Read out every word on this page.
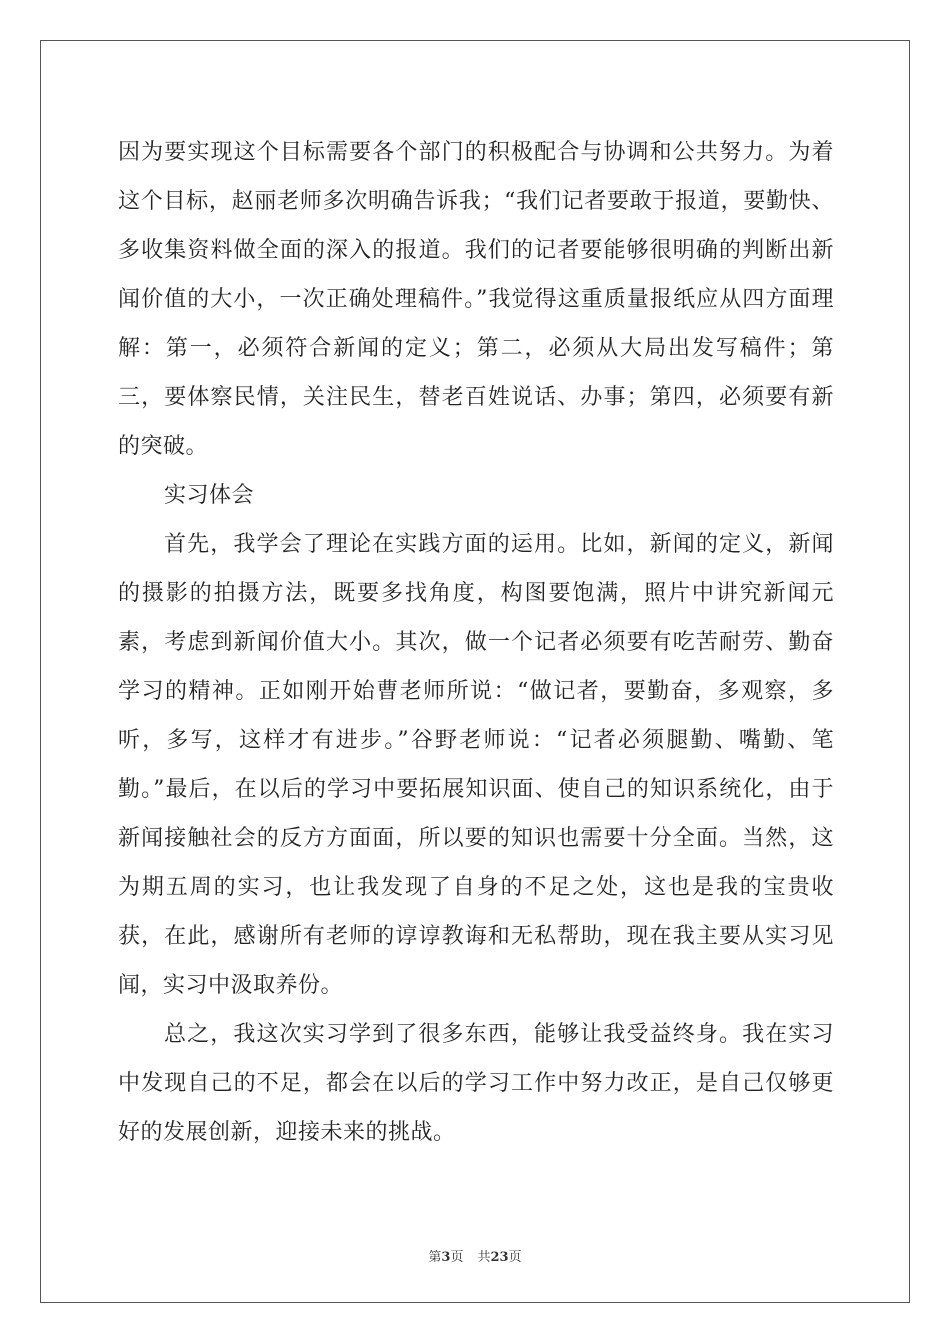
因为要实现这个目标需要各个部门的积极配合与协调和公共努力。为着这个目标，赵丽老师多次明确告诉我；“我们记者要敢于报道，要勤快、多收集资料做全面的深入的报道。我们的记者要能够很明确的判断出新闻价值的大小，一次正确处理稿件。”我觉得这重质量报纸应从四方面理解：第一，必须符合新闻的定义；第二，必须从大局出发写稿件；第三，要体察民情，关注民生，替老百姓说话、办事；第四，必须要有新的突破。

实习体会

首先，我学会了理论在实践方面的运用。比如，新闻的定义，新闻的摄影的拍摄方法，既要多找角度，构图要饱满，照片中讲究新闻元素，考虑到新闻价值大小。其次，做一个记者必须要有吃苦耐劳、勤奋学习的精神。正如刚开始曹老师所说：“做记者，要勤奋，多观察，多听，多写，这样才有进步。”谷野老师说：“记者必须腿勤、嘴勤、笔勤。”最后，在以后的学习中要拓展知识面、使自己的知识系统化，由于新闻接触社会的反方方面面，所以要的知识也需要十分全面。当然，这为期五周的实习，也让我发现了自身的不足之处，这也是我的宝贵收获，在此，感谢所有老师的谆谆教诲和无私帮助，现在我主要从实习见闻，实习中汲取养份。

总之，我这次实习学到了很多东西，能够让我受益终身。我在实习中发现自己的不足，都会在以后的学习工作中努力改正，是自己仅够更好的发展创新，迎接未来的挑战。

第3页 共23页
